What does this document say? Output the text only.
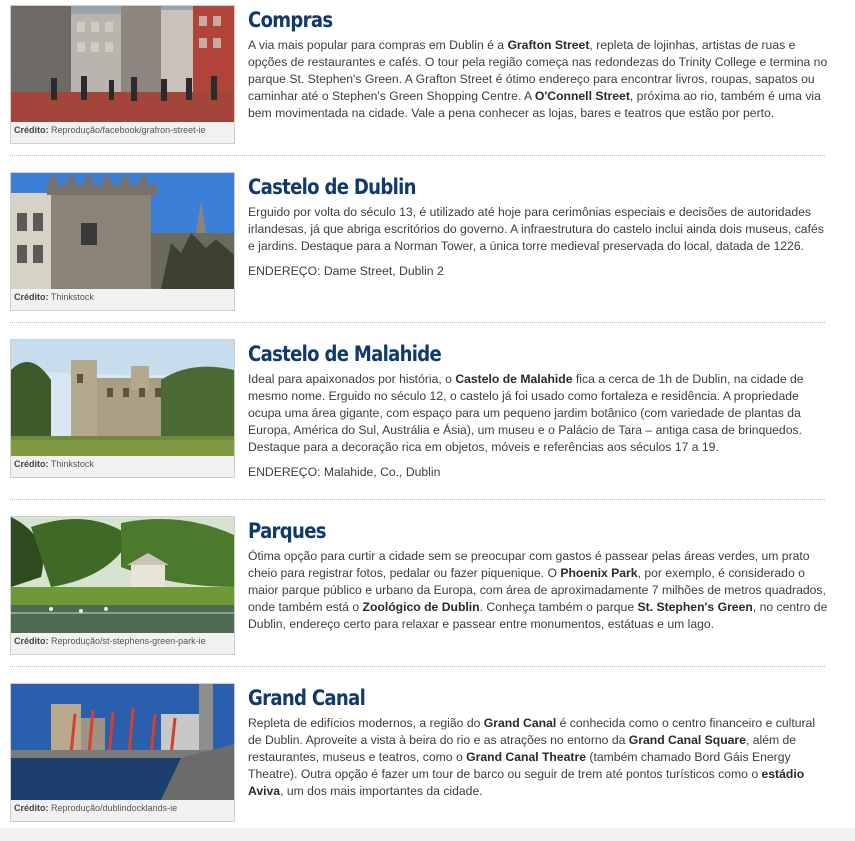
Crédito: Reprodução/facebook/grafron-street-ie
Compras

A via mais popular para compras em Dublin é a Grafton Street, repleta de lojinhas, artistas de ruas e opções de restaurantes e cafés. O tour pela região começa nas redondezas do Trinity College e termina no parque St. Stephen's Green. A Grafton Street é ótimo endereço para encontrar livros, roupas, sapatos ou caminhar até o Stephen's Green Shopping Centre. A O'Connell Street, próxima ao rio, também é uma via bem movimentada na cidade. Vale a pena conhecer as lojas, bares e teatros que estão por perto.

Crédito: Thinkstock
Castelo de Dublin

Erguido por volta do século 13, é utilizado até hoje para cerimônias especiais e decisões de autoridades irlandesas, já que abriga escritórios do governo. A infraestrutura do castelo inclui ainda dois museus, cafés e jardins. Destaque para a Norman Tower, a única torre medieval preservada do local, datada de 1226.

ENDEREÇO: Dame Street, Dublin 2

Crédito: Thinkstock
Castelo de Malahide

Ideal para apaixonados por história, o Castelo de Malahide fica a cerca de 1h de Dublin, na cidade de mesmo nome. Erguido no século 12, o castelo já foi usado como fortaleza e residência. A propriedade ocupa uma área gigante, com espaço para um pequeno jardim botânico (com variedade de plantas da Europa, América do Sul, Austrália e Ásia), um museu e o Palácio de Tara – antiga casa de brinquedos. Destaque para a decoração rica em objetos, móveis e referências aos séculos 17 a 19.

ENDEREÇO: Malahide, Co., Dublin

Crédito: Reprodução/st-stephens-green-park-ie
Parques

Ótima opção para curtir a cidade sem se preocupar com gastos é passear pelas áreas verdes, um prato cheio para registrar fotos, pedalar ou fazer piquenique. O Phoenix Park, por exemplo, é considerado o maior parque público e urbano da Europa, com área de aproximadamente 7 milhões de metros quadrados, onde também está o Zoológico de Dublin. Conheça também o parque St. Stephen's Green, no centro de Dublin, endereço certo para relaxar e passear entre monumentos, estátuas e um lago.

Crédito: Reprodução/dublindocklands-ie
Grand Canal

Repleta de edifícios modernos, a região do Grand Canal é conhecida como o centro financeiro e cultural de Dublin. Aproveite a vista à beira do rio e as atrações no entorno da Grand Canal Square, além de restaurantes, museus e teatros, como o Grand Canal Theatre (também chamado Bord Gáis Energy Theatre). Outra opção é fazer um tour de barco ou seguir de trem até pontos turísticos como o estádio Aviva, um dos mais importantes da cidade.
